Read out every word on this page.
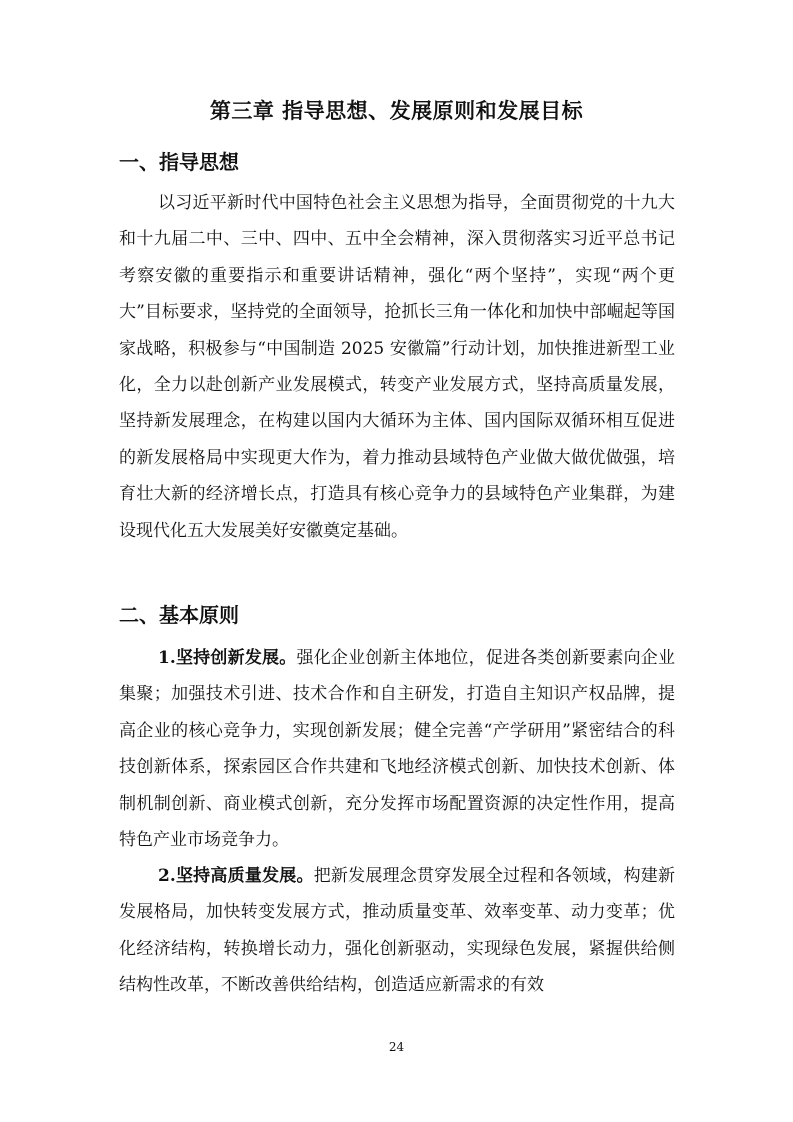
第三章 指导思想、发展原则和发展目标
一、指导思想

以习近平新时代中国特色社会主义思想为指导，全面贯彻党的十九大和十九届二中、三中、四中、五中全会精神，深入贯彻落实习近平总书记考察安徽的重要指示和重要讲话精神，强化“两个坚持”，实现“两个更大”目标要求，坚持党的全面领导，抢抓长三角一体化和加快中部崛起等国家战略，积极参与“中国制造 2025 安徽篇”行动计划，加快推进新型工业化，全力以赴创新产业发展模式，转变产业发展方式，坚持高质量发展，坚持新发展理念，在构建以国内大循环为主体、国内国际双循环相互促进的新发展格局中实现更大作为，着力推动县域特色产业做大做优做强，培育壮大新的经济增长点，打造具有核心竞争力的县域特色产业集群，为建设现代化五大发展美好安徽奠定基础。

二、基本原则

1.坚持创新发展。强化企业创新主体地位，促进各类创新要素向企业集聚；加强技术引进、技术合作和自主研发，打造自主知识产权品牌，提高企业的核心竞争力，实现创新发展；健全完善“产学研用”紧密结合的科技创新体系，探索园区合作共建和飞地经济模式创新、加快技术创新、体制机制创新、商业模式创新，充分发挥市场配置资源的决定性作用，提高特色产业市场竞争力。

2.坚持高质量发展。把新发展理念贯穿发展全过程和各领域，构建新发展格局，加快转变发展方式，推动质量变革、效率变革、动力变革；优化经济结构，转换增长动力，强化创新驱动，实现绿色发展，紧握供给侧结构性改革，不断改善供给结构，创造适应新需求的有效

24
